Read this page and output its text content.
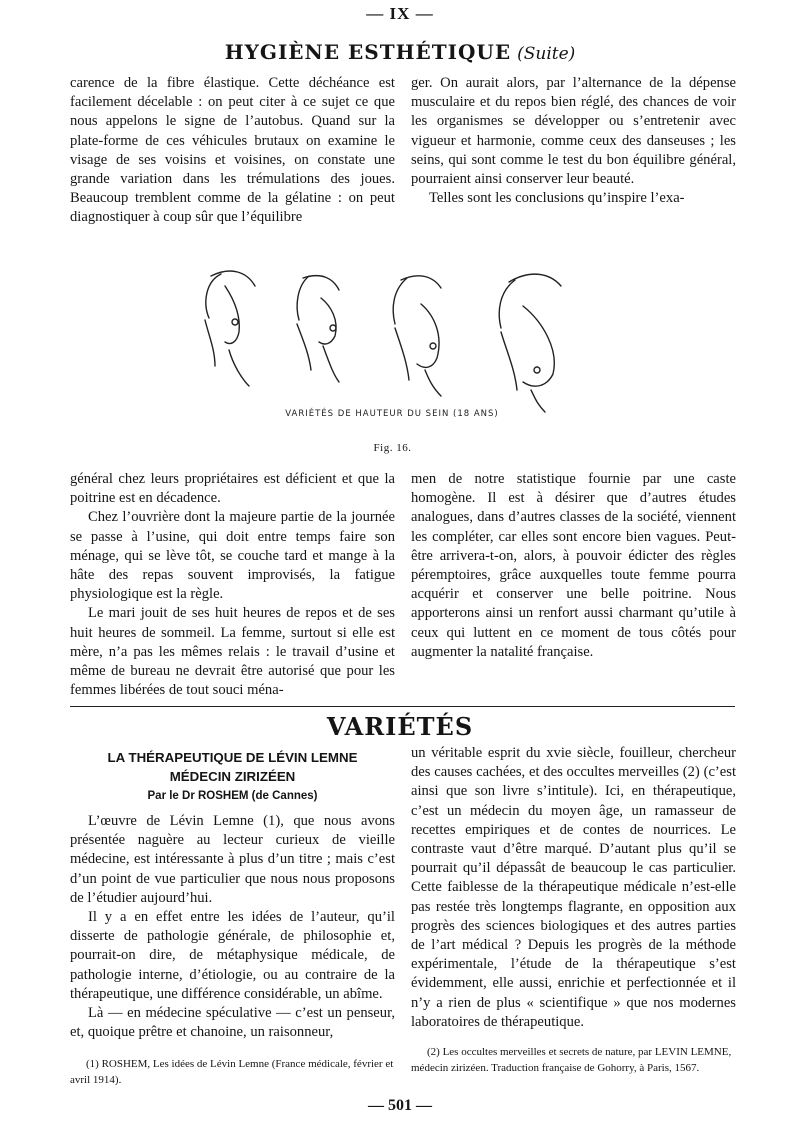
— IX —
HYGIÈNE ESTHÉTIQUE (Suite)

carence de la fibre élastique. Cette déchéance est facilement décelable : on peut citer à ce sujet ce que nous appelons le signe de l’autobus. Quand sur la plate-forme de ces véhicules brutaux on examine le visage de ses voisins et voisines, on constate une grande variation dans les trémulations des joues. Beaucoup tremblent comme de la gélatine : on peut diagnostiquer à coup sûr que l’équilibre

ger. On aurait alors, par l’alternance de la dépense musculaire et du repos bien réglé, des chances de voir les organismes se développer ou s’entretenir avec vigueur et harmonie, comme ceux des danseuses ; les seins, qui sont comme le test du bon équilibre général, pourraient ainsi conserver leur beauté.

Telles sont les conclusions qu’inspire l’exa-

VARIÉTÉS DE HAUTEUR DU SEIN (18 ANS)
Fig. 16.

général chez leurs propriétaires est déficient et que la poitrine est en décadence.

Chez l’ouvrière dont la majeure partie de la journée se passe à l’usine, qui doit entre temps faire son ménage, qui se lève tôt, se couche tard et mange à la hâte des repas souvent improvisés, la fatigue physiologique est la règle.

Le mari jouit de ses huit heures de repos et de ses huit heures de sommeil. La femme, surtout si elle est mère, n’a pas les mêmes relais : le travail d’usine et même de bureau ne devrait être autorisé que pour les femmes libérées de tout souci ména-

men de notre statistique fournie par une caste homogène. Il est à désirer que d’autres études analogues, dans d’autres classes de la société, viennent les compléter, car elles sont encore bien vagues. Peut-être arrivera-t-on, alors, à pouvoir édicter des règles péremptoires, grâce auxquelles toute femme pourra acquérir et conserver une belle poitrine. Nous apporterons ainsi un renfort aussi charmant qu’utile à ceux qui luttent en ce moment de tous côtés pour augmenter la natalité française.

VARIÉTÉS
LA THÉRAPEUTIQUE DE LÉVIN LEMNE
MÉDECIN ZIRIZÉEN
Par le Dr ROSHEM (de Cannes)

L’œuvre de Lévin Lemne (1), que nous avons présentée naguère au lecteur curieux de vieille médecine, est intéressante à plus d’un titre ; mais c’est d’un point de vue particulier que nous nous proposons de l’étudier aujourd’hui.

Il y a en effet entre les idées de l’auteur, qu’il disserte de pathologie générale, de philosophie et, pourrait-on dire, de métaphysique médicale, de pathologie interne, d’étiologie, ou au contraire de la thérapeutique, une différence considérable, un abîme.

Là — en médecine spéculative — c’est un penseur, et, quoique prêtre et chanoine, un raisonneur,

un véritable esprit du xvie siècle, fouilleur, chercheur des causes cachées, et des occultes merveilles (2) (c’est ainsi que son livre s’intitule). Ici, en thérapeutique, c’est un médecin du moyen âge, un ramasseur de recettes empiriques et de contes de nourrices. Le contraste vaut d’être marqué. D’autant plus qu’il se pourrait qu’il dépassât de beaucoup le cas particulier. Cette faiblesse de la thérapeutique médicale n’est-elle pas restée très longtemps flagrante, en opposition aux progrès des sciences biologiques et des autres parties de l’art médical ? Depuis les progrès de la méthode expérimentale, l’étude de la thérapeutique s’est évidemment, elle aussi, enrichie et perfectionnée et il n’y a rien de plus « scientifique » que nos modernes laboratoires de thérapeutique.

(1) ROSHEM, Les idées de Lévin Lemne (France médicale, février et avril 1914).

(2) Les occultes merveilles et secrets de nature, par LEVIN LEMNE, médecin zirizéen. Traduction française de Gohorry, à Paris, 1567.

— 501 —
